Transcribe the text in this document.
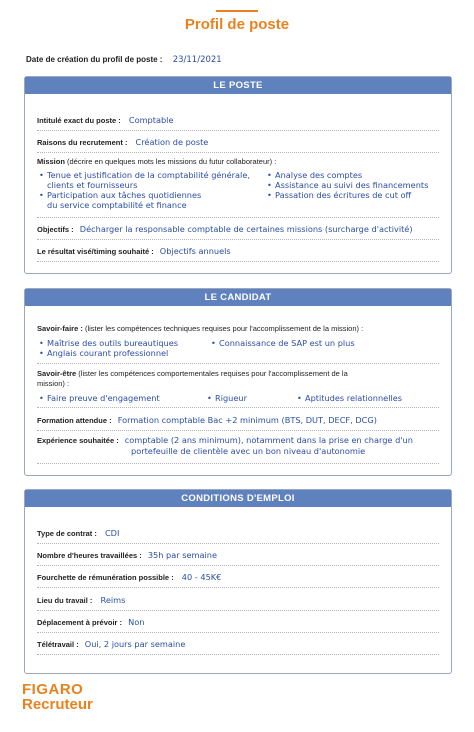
Profil de poste
Date de création du profil de poste : 23/11/2021
LE POSTE
Intitulé exact du poste : Comptable
Raisons du recrutement : Création de poste
Mission (décrire en quelques mots les missions du futur collaborateur) :
• Tenue et justification de la comptabilité générale,
clients et fournisseurs
• Participation aux tâches quotidiennes
du service comptabilité et finance
• Analyse des comptes
• Assistance au suivi des financements
• Passation des écritures de cut off
Objectifs : Décharger la responsable comptable de certaines missions (surcharge d'activité)
Le résultat visé/timing souhaité : Objectifs annuels
LE CANDIDAT
Savoir-faire : (lister les compétences techniques requises pour l'accomplissement de la mission) :
• Maîtrise des outils bureautiques
• Anglais courant professionnel
• Connaissance de SAP est un plus
Savoir-être (lister les compétences comportementales requises pour l'accomplissement de la
mission) :
• Faire preuve d'engagement	• Rigueur	• Aptitudes relationnelles
Formation attendue : Formation comptable Bac +2 minimum (BTS, DUT, DECF, DCG)
Expérience souhaitée : comptable (2 ans minimum), notamment dans la prise en charge d'un
portefeuille de clientèle avec un bon niveau d'autonomie
CONDITIONS D'EMPLOI
Type de contrat : CDI
Nombre d'heures travaillées : 35h par semaine
Fourchette de rémunération possible : 40 - 45K€
Lieu du travail : Reims
Déplacement à prévoir : Non
Télétravail : Oui, 2 jours par semaine
FIGARO
Recruteur
